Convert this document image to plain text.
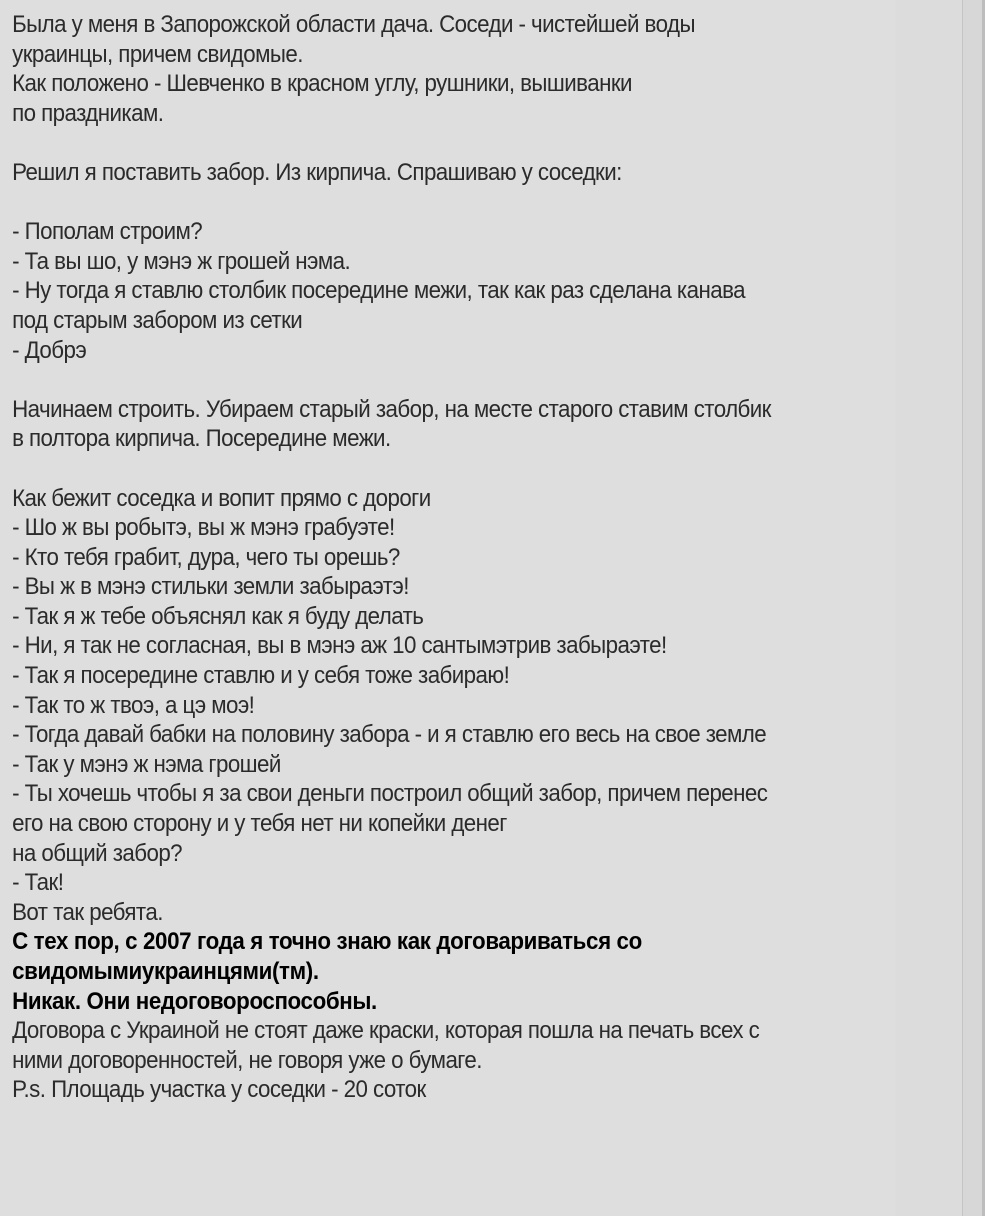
Была у меня в Запорожской области дача. Соседи - чистейшей воды
украинцы, причем свидомые.
Как положено - Шевченко в красном углу, рушники, вышиванки
по праздникам.
Решил я поставить забор. Из кирпича. Спрашиваю у соседки:
- Пополам строим?
- Та вы шо, у мэнэ ж грошей нэма.
- Ну тогда я ставлю столбик посередине межи, так как раз сделана канава
под старым забором из сетки
- Добрэ
Начинаем строить. Убираем старый забор, на месте старого ставим столбик
в полтора кирпича. Посередине межи.
Как бежит соседка и вопит прямо с дороги
- Шо ж вы робытэ, вы ж мэнэ грабуэте!
- Кто тебя грабит, дура, чего ты орешь?
- Вы ж в мэнэ стильки земли забыраэтэ!
- Так я ж тебе объяснял как я буду делать
- Ни, я так не согласная, вы в мэнэ аж 10 сантымэтрив забыраэте!
- Так я посередине ставлю и у себя тоже забираю!
- Так то ж твоэ, а цэ моэ!
- Тогда давай бабки на половину забора - и я ставлю его весь на свое земле
- Так у мэнэ ж нэма грошей
- Ты хочешь чтобы я за свои деньги построил общий забор, причем перенес
его на свою сторону и у тебя нет ни копейки денег
на общий забор?
- Так!
Вот так ребята.
С тех пор, с 2007 года я точно знаю как договариваться со
свидомымиукраинцями(тм).
Никак. Они недоговороспособны.
Договора с Украиной не стоят даже краски, которая пошла на печать всех с
ними договоренностей, не говоря уже о бумаге.
P.s. Площадь участка у соседки - 20 соток
